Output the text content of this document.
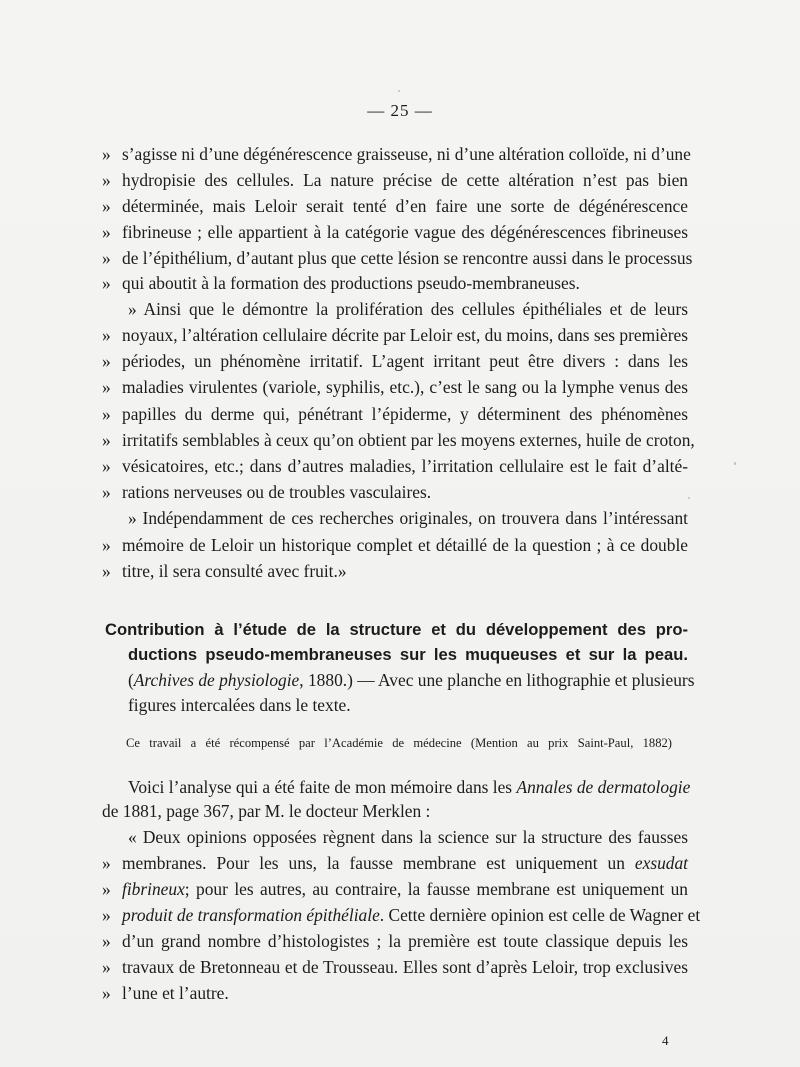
— 25 —
» s’agisse ni d’une dégénérescence graisseuse, ni d’une altération colloïde, ni d’une
» hydropisie des cellules. La nature précise de cette altération n’est pas bien
» déterminée, mais Leloir serait tenté d’en faire une sorte de dégénérescence
» fibrineuse ; elle appartient à la catégorie vague des dégénérescences fibrineuses
» de l’épithélium, d’autant plus que cette lésion se rencontre aussi dans le processus
» qui aboutit à la formation des productions pseudo-membraneuses.
» Ainsi que le démontre la prolifération des cellules épithéliales et de leurs
» noyaux, l’altération cellulaire décrite par Leloir est, du moins, dans ses premières
» périodes, un phénomène irritatif. L’agent irritant peut être divers : dans les
» maladies virulentes (variole, syphilis, etc.), c’est le sang ou la lymphe venus des
» papilles du derme qui, pénétrant l’épiderme, y déterminent des phénomènes
» irritatifs semblables à ceux qu’on obtient par les moyens externes, huile de croton,
» vésicatoires, etc.; dans d’autres maladies, l’irritation cellulaire est le fait d’alté-
» rations nerveuses ou de troubles vasculaires.
» Indépendamment de ces recherches originales, on trouvera dans l’intéressant
» mémoire de Leloir un historique complet et détaillé de la question ; à ce double
» titre, il sera consulté avec fruit.»
Contribution à l’étude de la structure et du développement des pro-
ductions pseudo-membraneuses sur les muqueuses et sur la peau.
(Archives de physiologie, 1880.) — Avec une planche en lithographie et plusieurs
figures intercalées dans le texte.
Ce travail a été récompensé par l’Académie de médecine (Mention au prix Saint-Paul, 1882)
Voici l’analyse qui a été faite de mon mémoire dans les Annales de dermatologie
de 1881, page 367, par M. le docteur Merklen :
« Deux opinions opposées règnent dans la science sur la structure des fausses
» membranes. Pour les uns, la fausse membrane est uniquement un exsudat
» fibrineux; pour les autres, au contraire, la fausse membrane est uniquement un
» produit de transformation épithéliale. Cette dernière opinion est celle de Wagner et
» d’un grand nombre d’histologistes ; la première est toute classique depuis les
» travaux de Bretonneau et de Trousseau. Elles sont d’après Leloir, trop exclusives
» l’une et l’autre.
4
